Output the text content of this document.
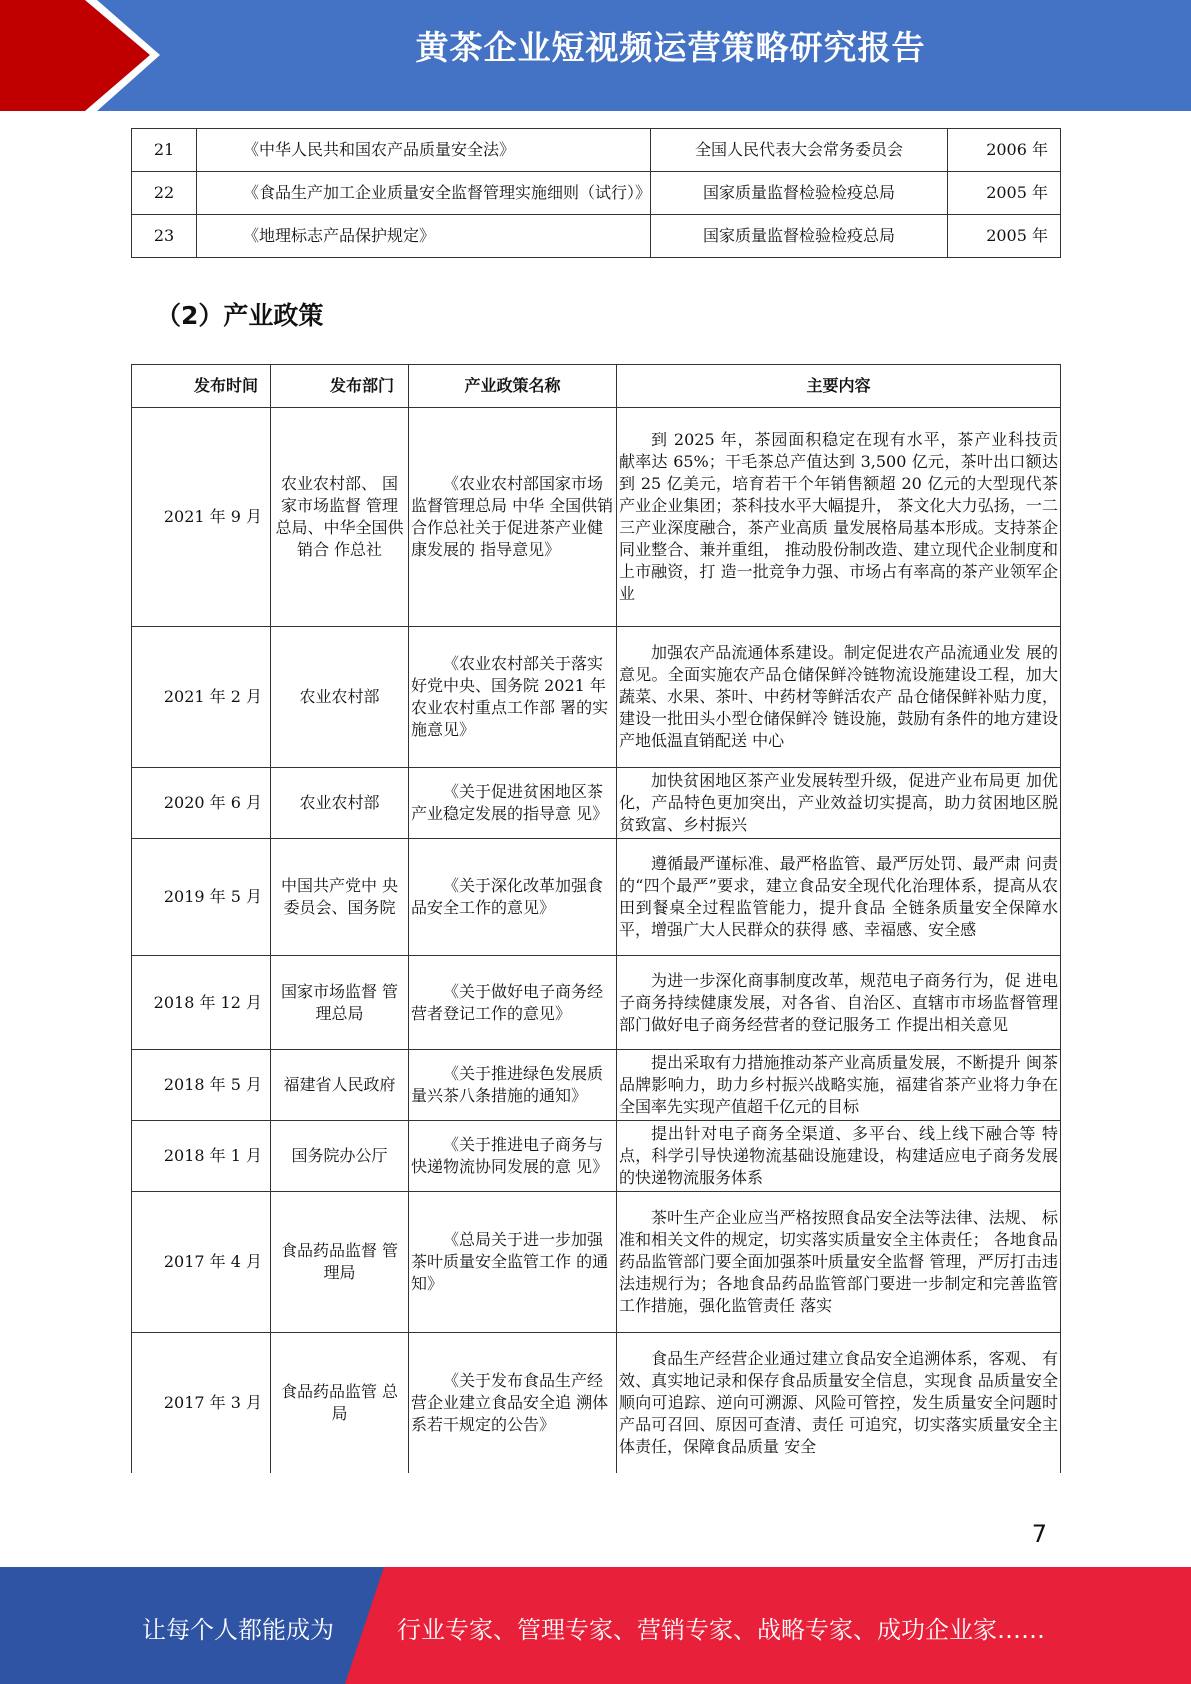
黄茶企业短视频运营策略研究报告
21	《中华人民共和国农产品质量安全法》	全国人民代表大会常务委员会	2006 年
22	《食品生产加工企业质量安全监督管理实施细则（试行）》	国家质量监督检验检疫总局	2005 年
23	《地理标志产品保护规定》	国家质量监督检验检疫总局	2005 年
（2）产业政策
发布时间	发布部门	产业政策名称	主要内容
2021 年 9 月	农业农村部、 国家市场监督 管理总局、中华全国供销合 作总社	《农业农村部国家市场监督管理总局 中华 全国供销合作总社关于促进茶产业健康发展的 指导意见》	到 2025 年，茶园面积稳定在现有水平，茶产业科技贡 献率达 65%；干毛茶总产值达到 3,500 亿元，茶叶出口额达到 25 亿美元，培育若干个年销售额超 20 亿元的大型现代茶产业企业集团；茶科技水平大幅提升， 茶文化大力弘扬，一二三产业深度融合，茶产业高质 量发展格局基本形成。支持茶企同业整合、兼并重组， 推动股份制改造、建立现代企业制度和上市融资，打 造一批竞争力强、市场占有率高的茶产业领军企业
2021 年 2 月	农业农村部	《农业农村部关于落实 好党中央、国务院 2021 年农业农村重点工作部 署的实施意见》	加强农产品流通体系建设。制定促进农产品流通业发 展的意见。全面实施农产品仓储保鲜冷链物流设施建设工程，加大蔬菜、水果、茶叶、中药材等鲜活农产 品仓储保鲜补贴力度，建设一批田头小型仓储保鲜冷 链设施，鼓励有条件的地方建设产地低温直销配送 中心
2020 年 6 月	农业农村部	《关于促进贫困地区茶 产业稳定发展的指导意 见》	加快贫困地区茶产业发展转型升级，促进产业布局更 加优化，产品特色更加突出，产业效益切实提高，助力贫困地区脱贫致富、乡村振兴
2019 年 5 月	中国共产党中 央委员会、国务院	《关于深化改革加强食 品安全工作的意见》	遵循最严谨标准、最严格监管、最严厉处罚、最严肃 问责的“四个最严”要求，建立食品安全现代化治理体系，提高从农田到餐桌全过程监管能力，提升食品 全链条质量安全保障水平，增强广大人民群众的获得 感、幸福感、安全感
2018 年 12 月	国家市场监督 管理总局	《关于做好电子商务经 营者登记工作的意见》	为进一步深化商事制度改革，规范电子商务行为，促 进电子商务持续健康发展，对各省、自治区、直辖市市场监督管理部门做好电子商务经营者的登记服务工 作提出相关意见
2018 年 5 月	福建省人民政府	《关于推进绿色发展质 量兴茶八条措施的通知》	提出采取有力措施推动茶产业高质量发展，不断提升 闽茶品牌影响力，助力乡村振兴战略实施，福建省茶产业将力争在全国率先实现产值超千亿元的目标
2018 年 1 月	国务院办公厅	《关于推进电子商务与 快递物流协同发展的意 见》	提出针对电子商务全渠道、多平台、线上线下融合等 特点，科学引导快递物流基础设施建设，构建适应电子商务发展的快递物流服务体系
2017 年 4 月	食品药品监督 管理局	《总局关于进一步加强 茶叶质量安全监管工作 的通知》	茶叶生产企业应当严格按照食品安全法等法律、法规、 标准和相关文件的规定，切实落实质量安全主体责任； 各地食品药品监管部门要全面加强茶叶质量安全监督 管理，严厉打击违法违规行为；各地食品药品监管部门要进一步制定和完善监管工作措施，强化监管责任 落实
2017 年 3 月	食品药品监管 总局	《关于发布食品生产经 营企业建立食品安全追 溯体系若干规定的公告》	食品生产经营企业通过建立食品安全追溯体系，客观、 有效、真实地记录和保存食品质量安全信息，实现食 品质量安全顺向可追踪、逆向可溯源、风险可管控，发生质量安全问题时产品可召回、原因可查清、责任 可追究，切实落实质量安全主体责任，保障食品质量 安全
7
让每个人都能成为	行业专家、管理专家、营销专家、战略专家、成功企业家……
